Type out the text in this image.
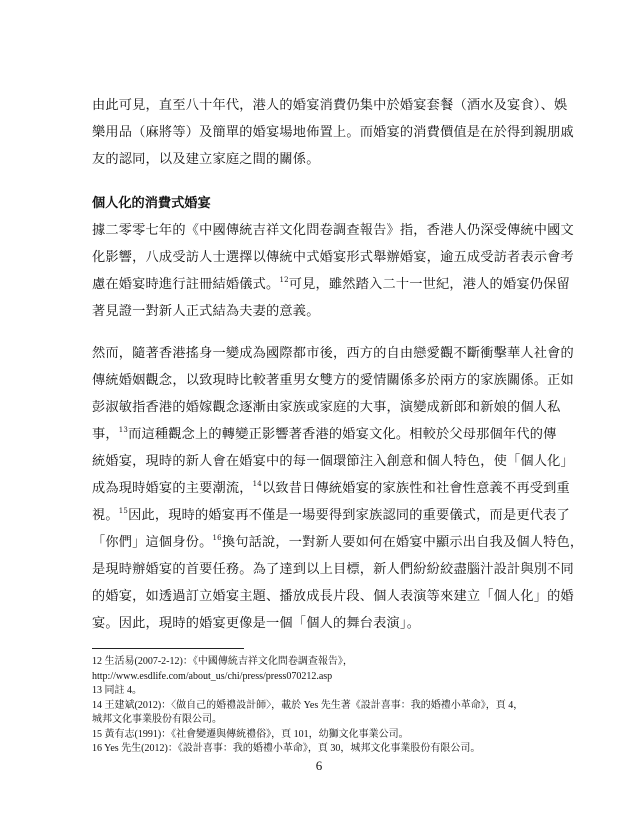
由此可見，直至八十年代，港人的婚宴消費仍集中於婚宴套餐（酒水及宴食）、娛
樂用品（麻將等）及簡單的婚宴場地佈置上。而婚宴的消費價值是在於得到親朋戚
友的認同，以及建立家庭之間的關係。
個人化的消費式婚宴
據二零零七年的《中國傳統吉祥文化問卷調查報告》指，香港人仍深受傳統中國文
化影響，八成受訪人士選擇以傳統中式婚宴形式舉辦婚宴，逾五成受訪者表示會考
慮在婚宴時進行註冊結婚儀式。$^{12}$可見，雖然踏入二十一世紀，港人的婚宴仍保留
著見證一對新人正式結為夫妻的意義。
然而，隨著香港搖身一變成為國際都市後，西方的自由戀愛觀不斷衝擊華人社會的
傳統婚姻觀念，以致現時比較著重男女雙方的愛情關係多於兩方的家族關係。正如
彭淑敏指香港的婚嫁觀念逐漸由家族或家庭的大事，演變成新郎和新娘的個人私
事，$^{13}$而這種觀念上的轉變正影響著香港的婚宴文化。相較於父母那個年代的傳
統婚宴，現時的新人會在婚宴中的每一個環節注入創意和個人特色，使「個人化」
成為現時婚宴的主要潮流，$^{14}$以致昔日傳統婚宴的家族性和社會性意義不再受到重
視。$^{15}$因此，現時的婚宴再不僅是一場要得到家族認同的重要儀式，而是更代表了
「你們」這個身份。$^{16}$換句話說，一對新人要如何在婚宴中顯示出自我及個人特色，
是現時辦婚宴的首要任務。為了達到以上目標，新人們紛紛絞盡腦汁設計與別不同
的婚宴，如透過訂立婚宴主題、播放成長片段、個人表演等來建立「個人化」的婚
宴。因此，現時的婚宴更像是一個「個人的舞台表演」。
12 生活易(2007-2-12)：《中國傳統吉祥文化問卷調查報告》，
http://www.esdlife.com/about_us/chi/press/press070212.asp
13 同註 4。
14 王建斌(2012)：〈做自己的婚禮設計師〉，載於 Yes 先生著《設計喜事：我的婚禮小革命》，頁 4，
城邦文化事業股份有限公司。
15 黃有志(1991)：《社會變遷與傳統禮俗》，頁 101，幼獅文化事業公司。
16 Yes 先生(2012)：《設計喜事：我的婚禮小革命》，頁 30，城邦文化事業股份有限公司。
6
